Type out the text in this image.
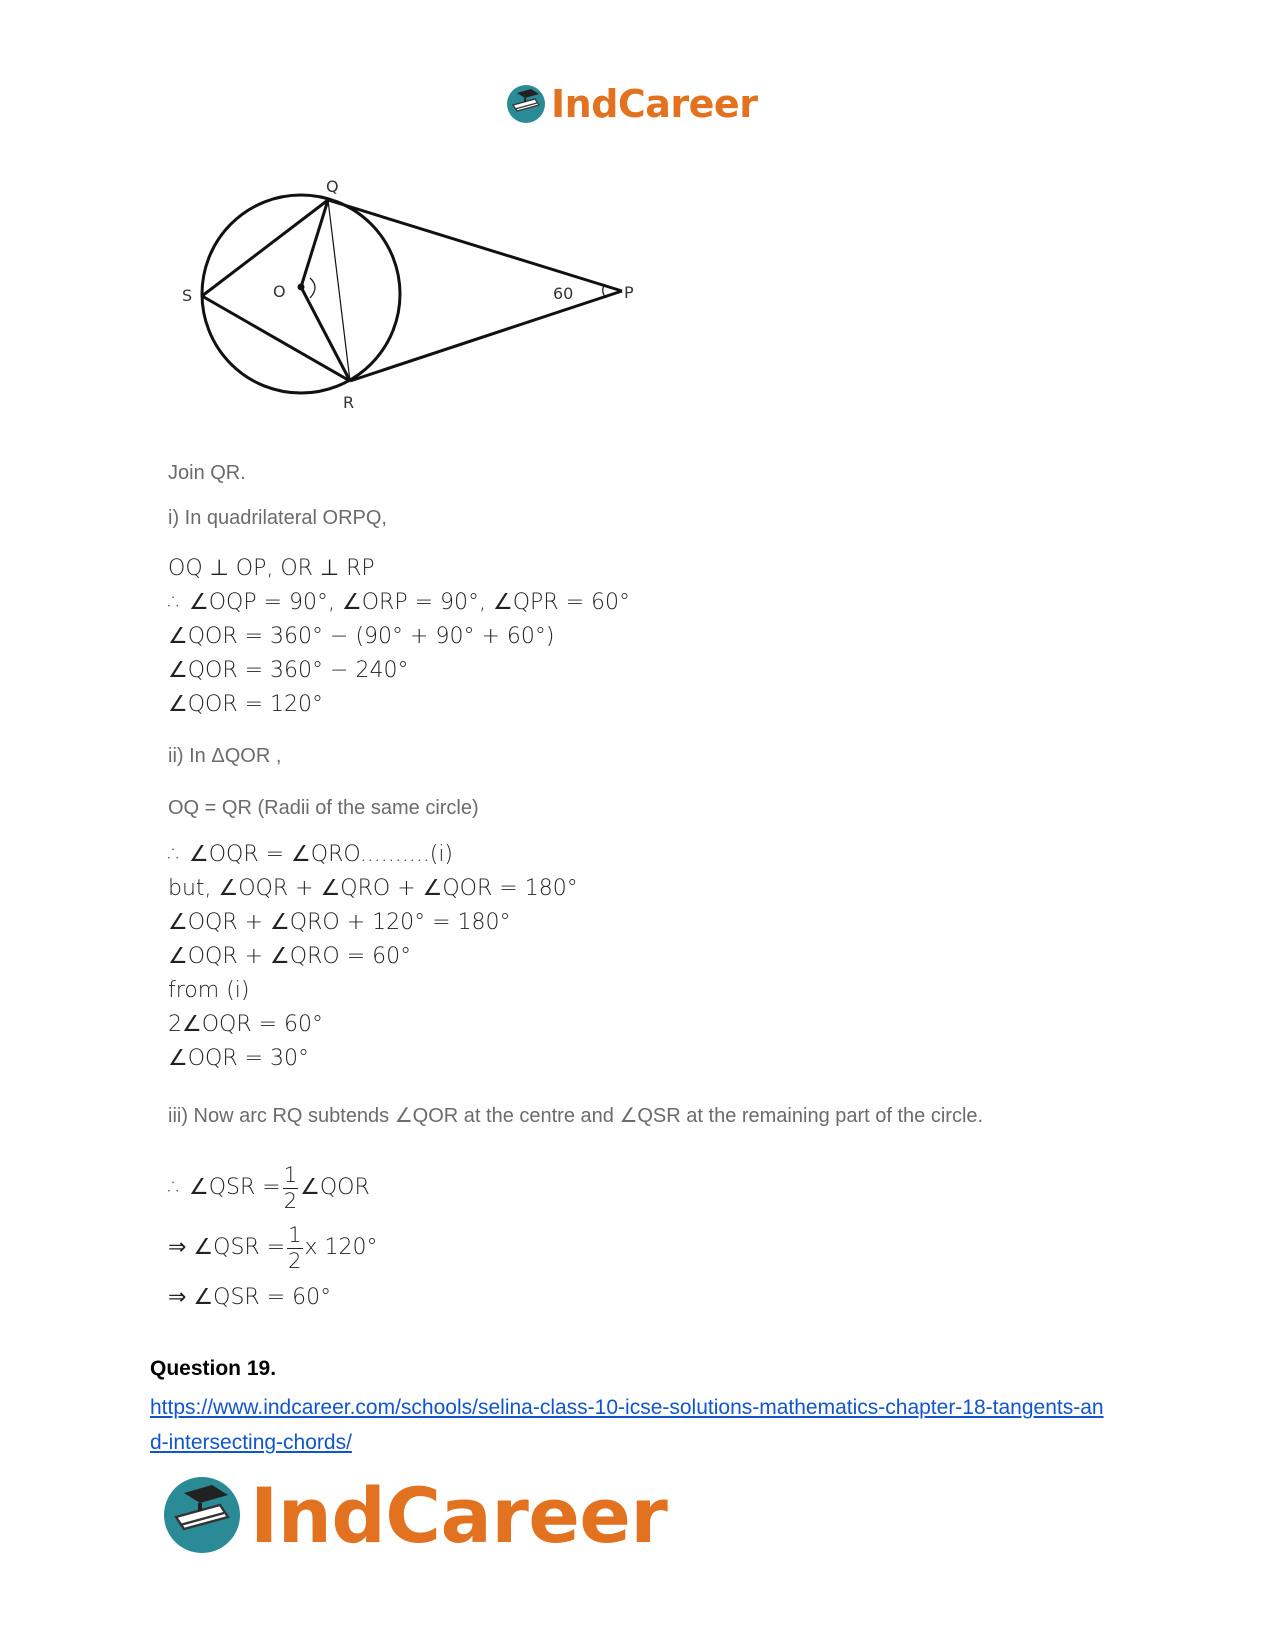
IndCareer
Q
S	O	P
R
60
Join QR.
i) In quadrilateral ORPQ,
OQ ⊥ OP, OR ⊥ RP
∴ ∠OQP = 90°, ∠ORP = 90°, ∠QPR = 60°
∠QOR = 360° − (90° + 90° + 60°)
∠QOR = 360° − 240°
∠QOR = 120°
ii) In ΔQOR ,
OQ = QR (Radii of the same circle)
∴ ∠OQR = ∠QRO..........(i)
but, ∠OQR + ∠QRO + ∠QOR = 180°
∠OQR + ∠QRO + 120° = 180°
∠OQR + ∠QRO = 60°
from (i)
2∠OQR = 60°
∠OQR = 30°
iii) Now arc RQ subtends ∠QOR at the centre and ∠QSR at the remaining part of the circle.
∴ ∠QSR = $\frac{1}{2}$ ∠QOR
⇒ ∠QSR = $\frac{1}{2}$ x 120°
⇒ ∠QSR = 60°
Question 19.
https://www.indcareer.com/schools/selina-class-10-icse-solutions-mathematics-chapter-18-tangents-and-intersecting-chords/
IndCareer
